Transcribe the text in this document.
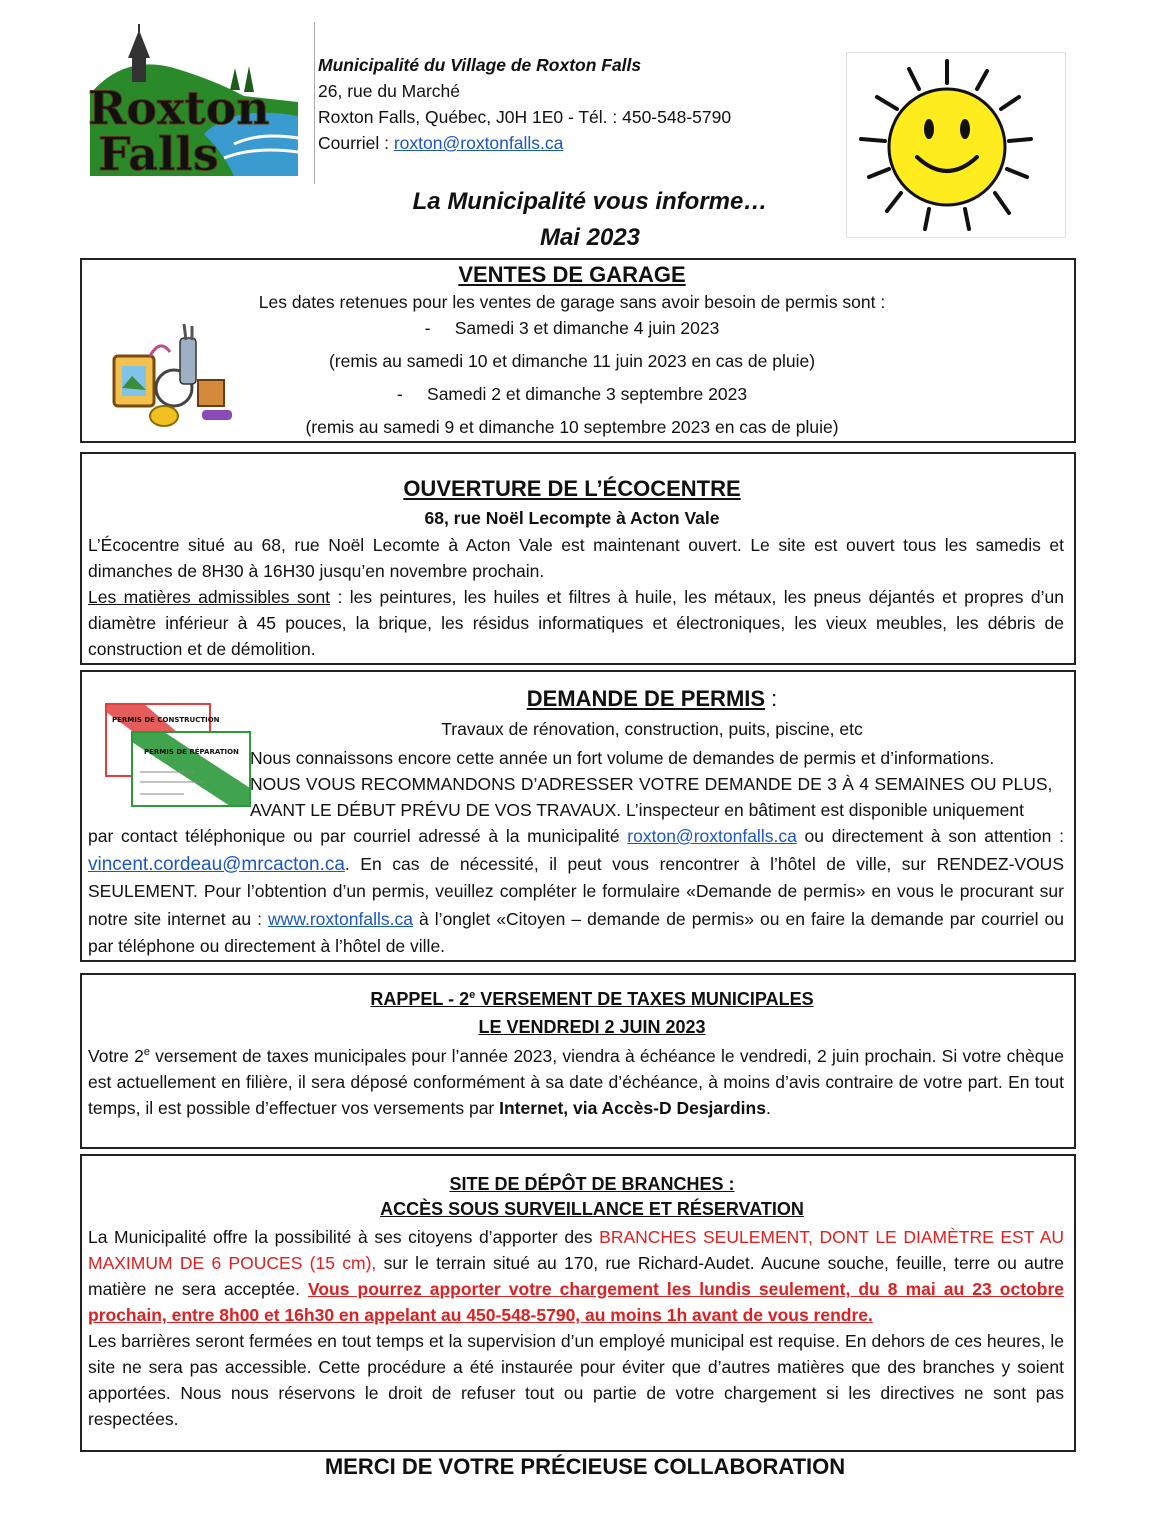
Roxton
Falls
Municipalité du Village de Roxton Falls
26, rue du Marché
Roxton Falls, Québec, J0H 1E0 - Tél. : 450-548-5790
Courriel : roxton@roxtonfalls.ca
La Municipalité vous informe…
Mai 2023
VENTES DE GARAGE
Les dates retenues pour les ventes de garage sans avoir besoin de permis sont :
-     Samedi 3 et dimanche 4 juin 2023
(remis au samedi 10 et dimanche 11 juin 2023 en cas de pluie)
-     Samedi 2 et dimanche 3 septembre 2023
(remis au samedi 9 et dimanche 10 septembre 2023 en cas de pluie)
OUVERTURE DE L’ÉCOCENTRE
68, rue Noël Lecompte à Acton Vale
L’Écocentre situé au 68, rue Noël Lecomte à Acton Vale est maintenant ouvert. Le site est ouvert tous les samedis et dimanches de 8H30 à 16H30 jusqu’en novembre prochain.
Les matières admissibles sont : les peintures, les huiles et filtres à huile, les métaux, les pneus déjantés et propres d’un diamètre inférieur à 45 pouces, la brique, les résidus informatiques et électroniques, les vieux meubles, les débris de construction et de démolition.
PERMIS DE CONSTRUCTION
PERMIS DE RÉPARATION
DEMANDE DE PERMIS :
Travaux de rénovation, construction, puits, piscine, etc
Nous connaissons encore cette année un fort volume de demandes de permis et d’informations.
NOUS VOUS RECOMMANDONS D’ADRESSER VOTRE DEMANDE DE 3 À 4 SEMAINES OU PLUS,
AVANT LE DÉBUT PRÉVU DE VOS TRAVAUX. L’inspecteur en bâtiment est disponible uniquement
par contact téléphonique ou par courriel adressé à la municipalité roxton@roxtonfalls.ca ou directement à son attention : vincent.cordeau@mrcacton.ca. En cas de nécessité, il peut vous rencontrer à l’hôtel de ville, sur RENDEZ-VOUS SEULEMENT. Pour l’obtention d’un permis, veuillez compléter le formulaire «Demande de permis» en vous le procurant sur notre site internet au : www.roxtonfalls.ca à l’onglet «Citoyen – demande de permis» ou en faire la demande par courriel ou par téléphone ou directement à l’hôtel de ville.
RAPPEL - 2e VERSEMENT DE TAXES MUNICIPALES
LE VENDREDI 2 JUIN 2023
Votre 2e versement de taxes municipales pour l’année 2023, viendra à échéance le vendredi, 2 juin prochain. Si votre chèque est actuellement en filière, il sera déposé conformément à sa date d’échéance, à moins d’avis contraire de votre part. En tout temps, il est possible d’effectuer vos versements par Internet, via Accès-D Desjardins.
SITE DE DÉPÔT DE BRANCHES :
ACCÈS SOUS SURVEILLANCE ET RÉSERVATION
La Municipalité offre la possibilité à ses citoyens d’apporter des BRANCHES SEULEMENT, DONT LE DIAMÈTRE EST AU MAXIMUM DE 6 POUCES (15 cm), sur le terrain situé au 170, rue Richard-Audet. Aucune souche, feuille, terre ou autre matière ne sera acceptée. Vous pourrez apporter votre chargement les lundis seulement, du 8 mai au 23 octobre prochain, entre 8h00 et 16h30 en appelant au 450-548-5790, au moins 1h avant de vous rendre.
Les barrières seront fermées en tout temps et la supervision d’un employé municipal est requise. En dehors de ces heures, le site ne sera pas accessible. Cette procédure a été instaurée pour éviter que d’autres matières que des branches y soient apportées. Nous nous réservons le droit de refuser tout ou partie de votre chargement si les directives ne sont pas respectées.
MERCI DE VOTRE PRÉCIEUSE COLLABORATION
